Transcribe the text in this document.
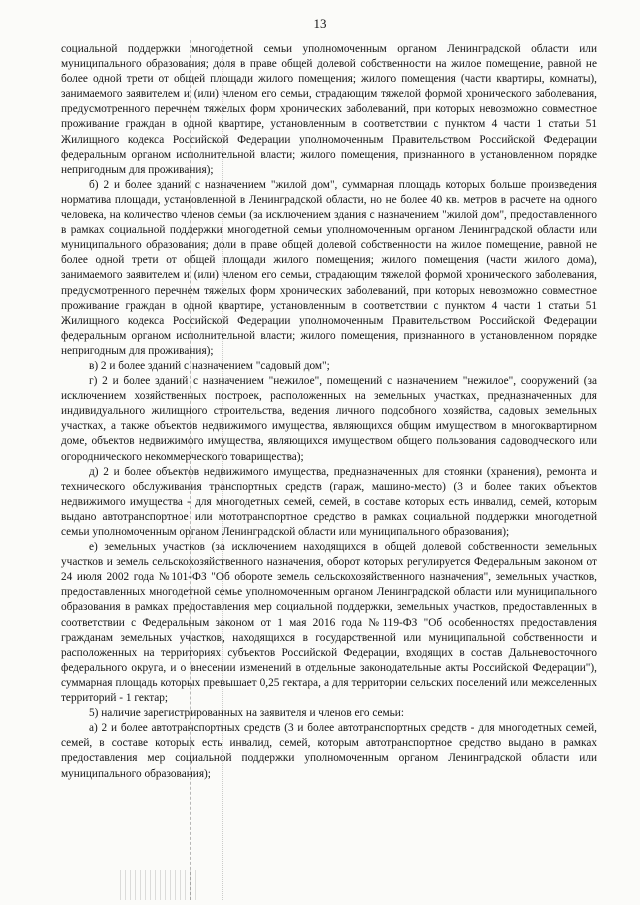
13

социальной поддержки многодетной семьи уполномоченным органом Ленинградской области или муниципального образования; доля в праве общей долевой собственности на жилое помещение, равной не более одной трети от общей площади жилого помещения; жилого помещения (части квартиры, комнаты), занимаемого заявителем и (или) членом его семьи, страдающим тяжелой формой хронического заболевания, предусмотренного перечнем тяжелых форм хронических заболеваний, при которых невозможно совместное проживание граждан в одной квартире, установленным в соответствии с пунктом 4 части 1 статьи 51 Жилищного кодекса Российской Федерации уполномоченным Правительством Российской Федерации федеральным органом исполнительной власти; жилого помещения, признанного в установленном порядке непригодным для проживания);

б) 2 и более зданий с назначением "жилой дом", суммарная площадь которых больше произведения норматива площади, установленной в Ленинградской области, но не более 40 кв. метров в расчете на одного человека, на количество членов семьи (за исключением здания с назначением "жилой дом", предоставленного в рамках социальной поддержки многодетной семьи уполномоченным органом Ленинградской области или муниципального образования; доли в праве общей долевой собственности на жилое помещение, равной не более одной трети от общей площади жилого помещения; жилого помещения (части жилого дома), занимаемого заявителем и (или) членом его семьи, страдающим тяжелой формой хронического заболевания, предусмотренного перечнем тяжелых форм хронических заболеваний, при которых невозможно совместное проживание граждан в одной квартире, установленным в соответствии с пунктом 4 части 1 статьи 51 Жилищного кодекса Российской Федерации уполномоченным Правительством Российской Федерации федеральным органом исполнительной власти; жилого помещения, признанного в установленном порядке непригодным для проживания);

в) 2 и более зданий с назначением "садовый дом";

г) 2 и более зданий с назначением "нежилое", помещений с назначением "нежилое", сооружений (за исключением хозяйственных построек, расположенных на земельных участках, предназначенных для индивидуального жилищного строительства, ведения личного подсобного хозяйства, садовых земельных участках, а также объектов недвижимого имущества, являющихся общим имуществом в многоквартирном доме, объектов недвижимого имущества, являющихся имуществом общего пользования садоводческого или огороднического некоммерческого товарищества);

д) 2 и более объектов недвижимого имущества, предназначенных для стоянки (хранения), ремонта и технического обслуживания транспортных средств (гараж, машино-место) (3 и более таких объектов недвижимого имущества - для многодетных семей, семей, в составе которых есть инвалид, семей, которым выдано автотранспортное или мототранспортное средство в рамках социальной поддержки многодетной семьи уполномоченным органом Ленинградской области или муниципального образования);

е) земельных участков (за исключением находящихся в общей долевой собственности земельных участков и земель сельскохозяйственного назначения, оборот которых регулируется Федеральным законом от 24 июля 2002 года №101-ФЗ "Об обороте земель сельскохозяйственного назначения", земельных участков, предоставленных многодетной семье уполномоченным органом Ленинградской области или муниципального образования в рамках предоставления мер социальной поддержки, земельных участков, предоставленных в соответствии с Федеральным законом от 1 мая 2016 года №119-ФЗ "Об особенностях предоставления гражданам земельных участков, находящихся в государственной или муниципальной собственности и расположенных на территориях субъектов Российской Федерации, входящих в состав Дальневосточного федерального округа, и о внесении изменений в отдельные законодательные акты Российской Федерации"), суммарная площадь которых превышает 0,25 гектара, а для территории сельских поселений или межселенных территорий - 1 гектар;

5) наличие зарегистрированных на заявителя и членов его семьи:

а) 2 и более автотранспортных средств (3 и более автотранспортных средств - для многодетных семей, семей, в составе которых есть инвалид, семей, которым автотранспортное средство выдано в рамках предоставления мер социальной поддержки уполномоченным органом Ленинградской области или муниципального образования);
